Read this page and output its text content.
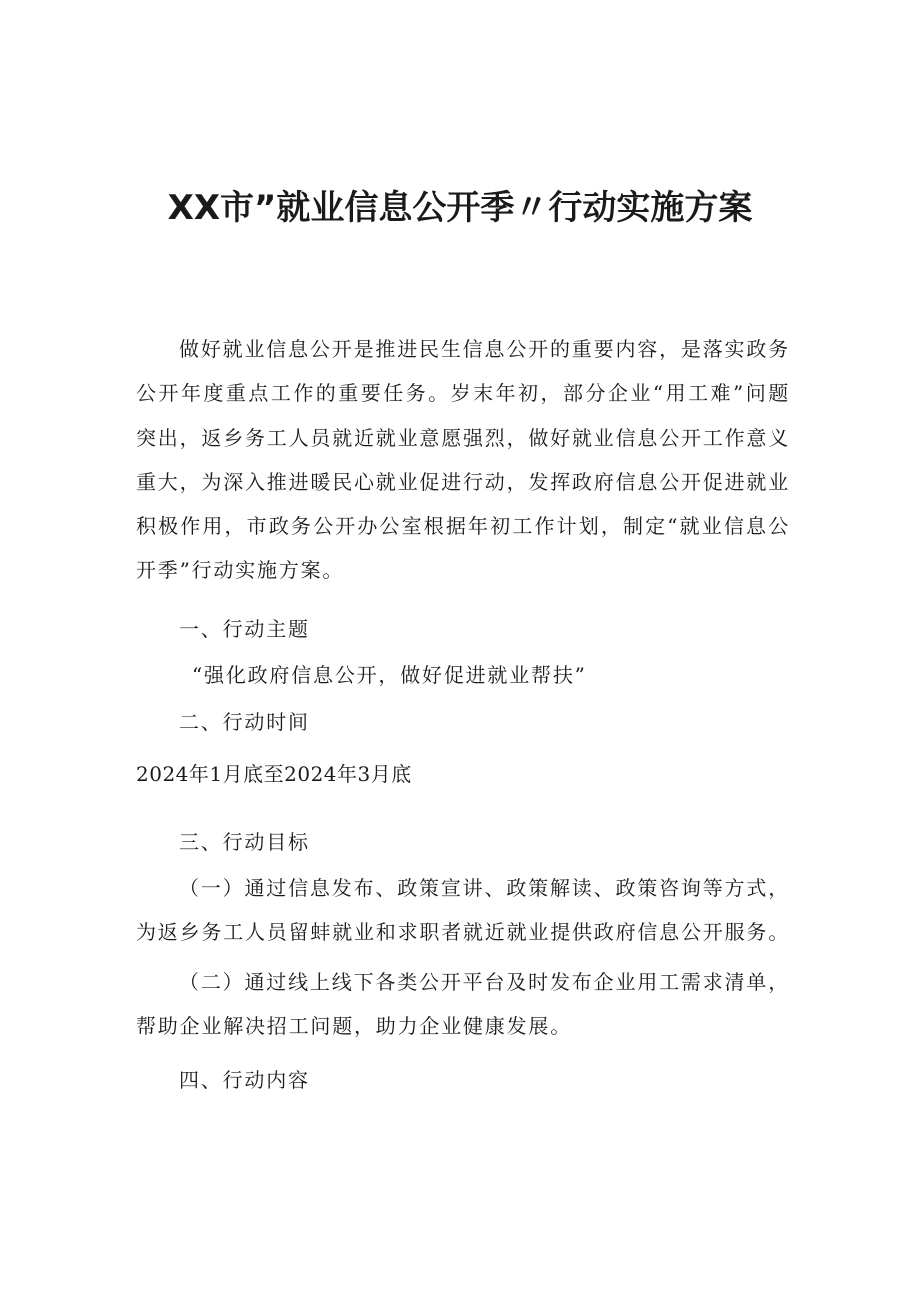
XX市”就业信息公开季〃行动实施方案

做好就业信息公开是推进民生信息公开的重要内容，是落实政务公开年度重点工作的重要任务。岁末年初，部分企业“用工难”问题突出，返乡务工人员就近就业意愿强烈，做好就业信息公开工作意义重大，为深入推进暖民心就业促进行动，发挥政府信息公开促进就业积极作用，市政务公开办公室根据年初工作计划，制定“就业信息公开季”行动实施方案。

一、行动主题
“强化政府信息公开，做好促进就业帮扶”
二、行动时间
2024年1月底至2024年3月底
三、行动目标

（一）通过信息发布、政策宣讲、政策解读、政策咨询等方式，为返乡务工人员留蚌就业和求职者就近就业提供政府信息公开服务。

（二）通过线上线下各类公开平台及时发布企业用工需求清单，帮助企业解决招工问题，助力企业健康发展。

四、行动内容
